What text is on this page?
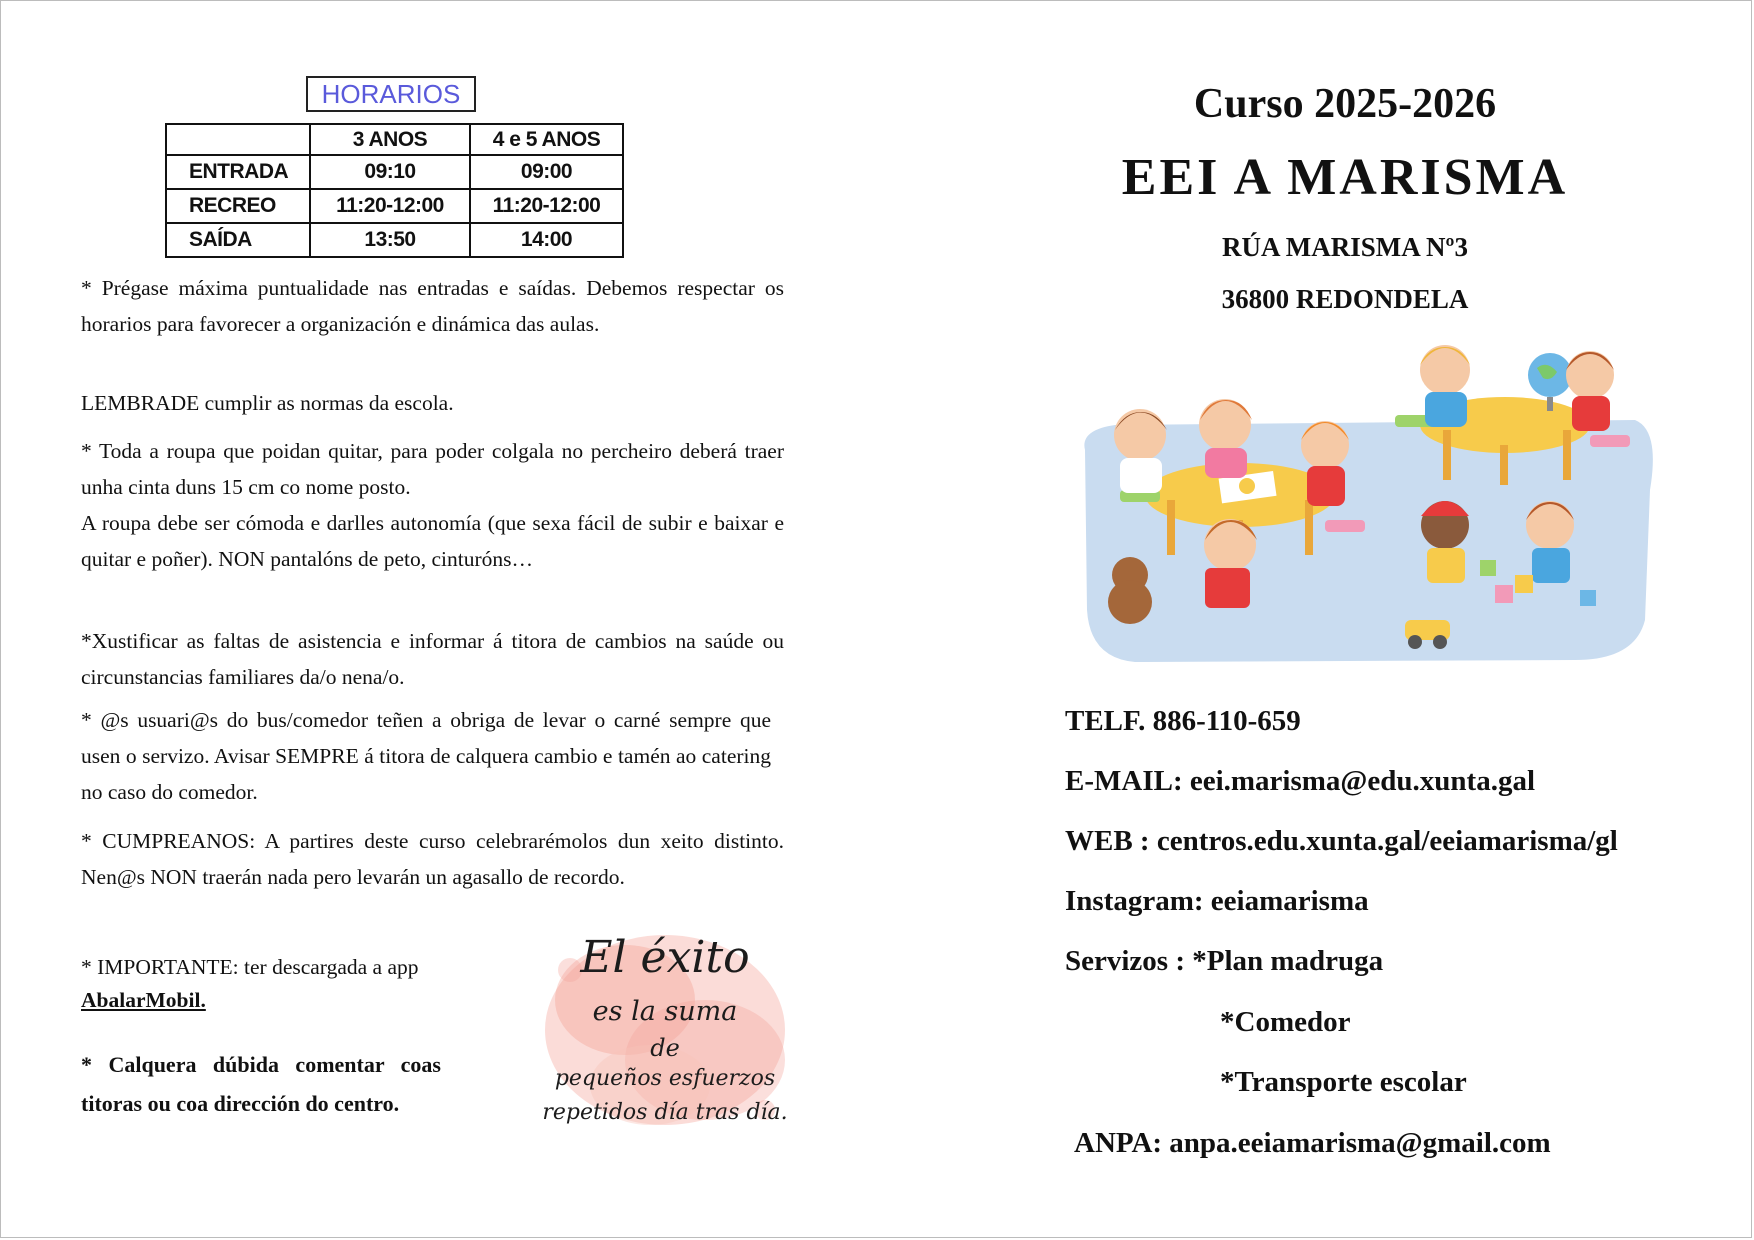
HORARIOS
	3 ANOS	4 e 5 ANOS
ENTRADA	09:10	09:00
RECREO	11:20-12:00	11:20-12:00
SAÍDA	13:50	14:00
* Prégase máxima puntualidade nas entradas e saídas. Debemos respectar os horarios para favorecer a organización e dinámica das aulas.
LEMBRADE cumplir as normas da escola.
* Toda a roupa que poidan quitar, para poder colgala no percheiro deberá traer unha cinta duns 15 cm co nome posto.
A roupa debe ser cómoda e darlles autonomía (que sexa fácil de subir e baixar e quitar e poñer). NON pantalóns de peto, cinturóns…
*Xustificar as faltas de asistencia e informar á titora de cambios na saúde ou circunstancias familiares da/o nena/o.
* @s usuari@s do bus/comedor teñen a obriga de levar o carné sempre que usen o servizo. Avisar SEMPRE á titora de calquera cambio e tamén ao catering no caso do comedor.
* CUMPREANOS: A partires deste curso celebrarémolos dun xeito distinto. Nen@s NON traerán nada pero levarán un agasallo de recordo.
* IMPORTANTE: ter descargada a app
AbalarMobil.
* Calquera dúbida comentar coas titoras ou coa dirección do centro.
El éxito
es la suma
de
pequeños esfuerzos
repetidos día tras día.
Curso 2025-2026
EEI A MARISMA
RÚA MARISMA Nº3
36800 REDONDELA
TELF. 886-110-659
E-MAIL: eei.marisma@edu.xunta.gal
WEB : centros.edu.xunta.gal/eeiamarisma/gl
Instagram: eeiamarisma
Servizos : *Plan madruga
*Comedor
*Transporte escolar
ANPA: anpa.eeiamarisma@gmail.com
